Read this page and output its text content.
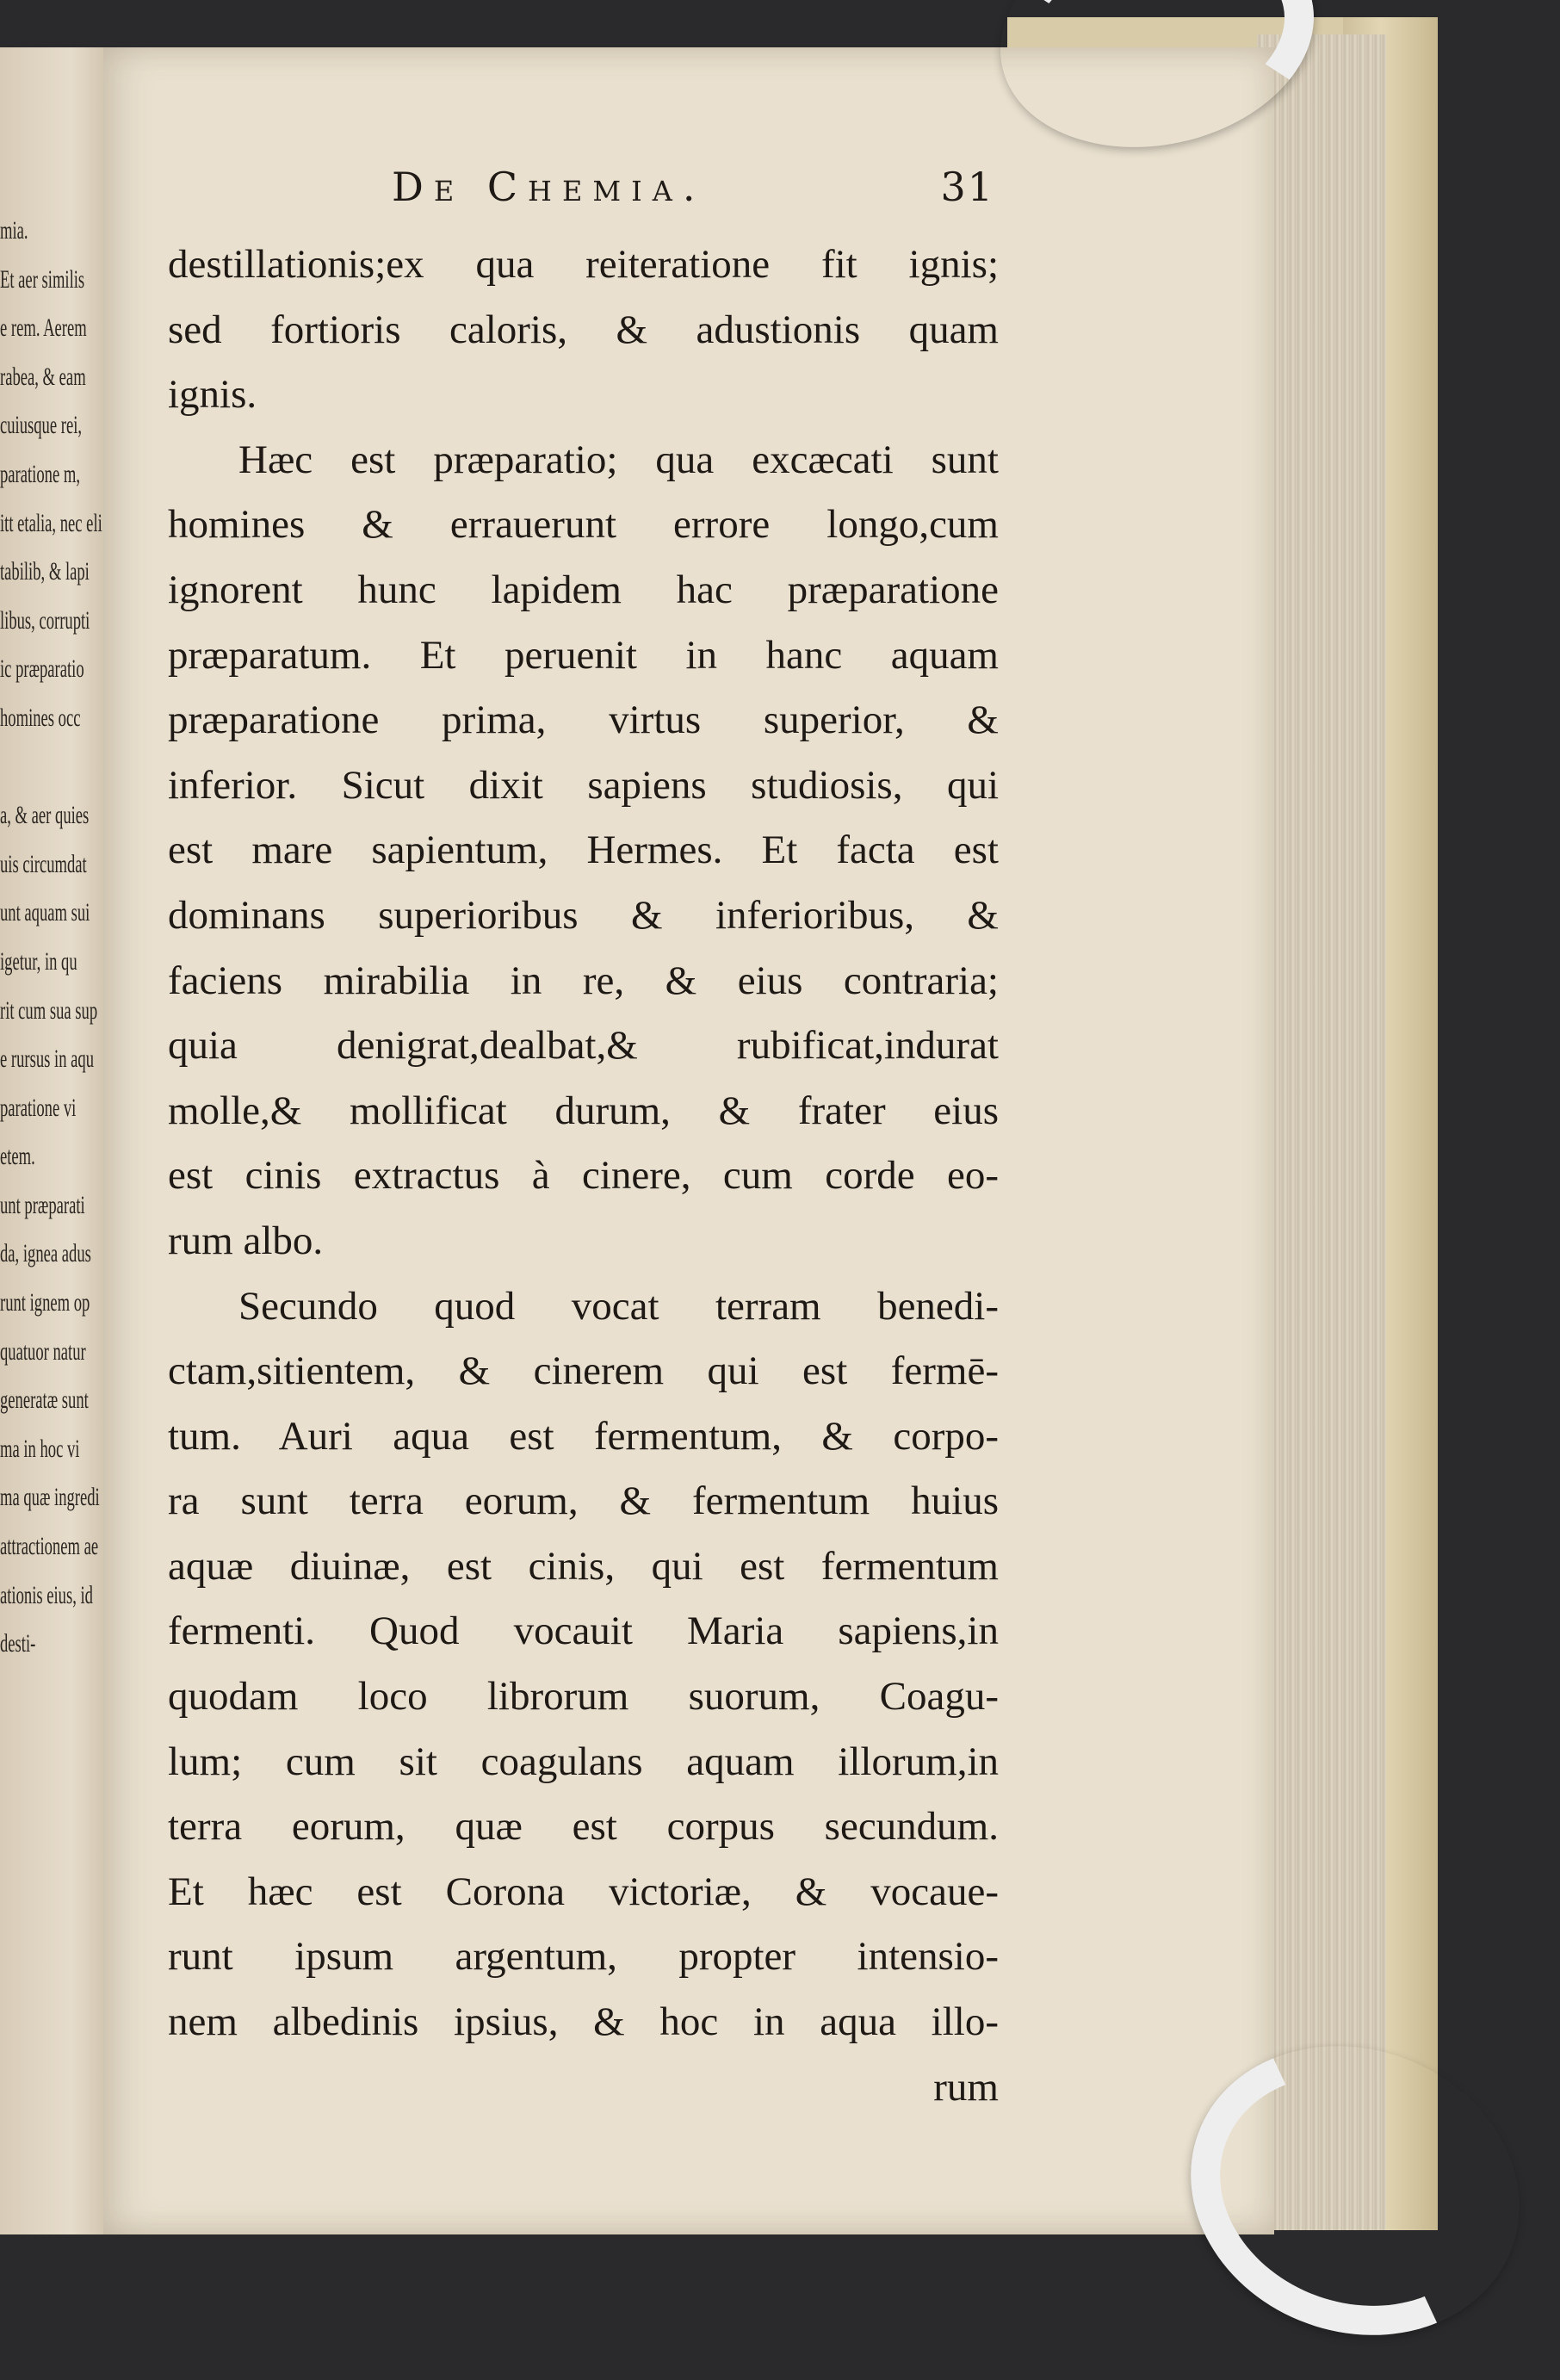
mia.
Et aer similis
e rem. Aerem
rabea, & eam
cuiusque rei,
paratione m,
itt etalia, nec eli
tabilib, & lapi
libus, corrupti
ic præparatio
homines occ

a, & aer quies
uis circumdat
unt aquam sui
igetur, in qu
rit cum sua sup
e rursus in aqu
paratione vi
etem.
unt præparati
da, ignea adus
runt ignem op
quatuor natur
generatæ sunt
ma in hoc vi
ma quæ ingredi
attractionem ae
ationis eius, id
desti-
De Chemia.	31
destillationis;ex qua reiteratione fit ignis;
sed fortioris caloris, & adustionis quam
ignis.
Hæc est præparatio; qua excæcati sunt
homines & errauerunt errore longo,cum
ignorent hunc lapidem hac præparatione
præparatum. Et peruenit in hanc aquam
præparatione prima, virtus superior, &
inferior. Sicut dixit sapiens studiosis, qui
est mare sapientum, Hermes. Et facta est
dominans superioribus & inferioribus, &
faciens mirabilia in re, & eius contraria;
quia denigrat,dealbat,& rubificat,indurat
molle,& mollificat durum, & frater eius
est cinis extractus à cinere, cum corde eo-
rum albo.
Secundo quod vocat terram benedi-
ctam,sitientem, & cinerem qui est fermē-
tum. Auri aqua est fermentum, & corpo-
ra sunt terra eorum, & fermentum huius
aquæ diuinæ, est cinis, qui est fermentum
fermenti. Quod vocauit Maria sapiens,in
quodam loco librorum suorum, Coagu-
lum; cum sit coagulans aquam illorum,in
terra eorum, quæ est corpus secundum.
Et hæc est Corona victoriæ, & vocaue-
runt ipsum argentum, propter intensio-
nem albedinis ipsius, & hoc in aqua illo-
rum
